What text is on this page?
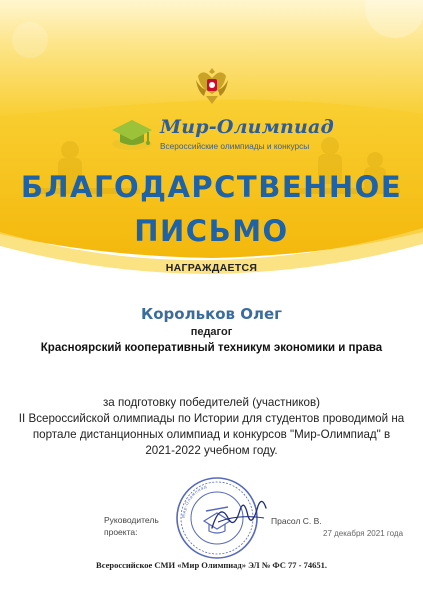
Мир-Олимпиад
Всероссийские олимпиады и конкурсы
БЛАГОДАРСТВЕННОЕ
ПИСЬМО
НАГРАЖДАЕТСЯ
Корольков Олег
педагог
Красноярский кооперативный техникум экономики и права
за подготовку победителей (участников)
II Всероссийской олимпиады по Истории для студентов проводимой на
портале дистанционных олимпиад и конкурсов "Мир-Олимпиад" в
2021-2022 учебном году.
Руководитель
проекта:
Мир-Олимпиад
Прасол С. В.
27 декабря 2021 года
Всероссийское СМИ «Мир Олимпиад» ЭЛ № ФС 77 - 74651.
